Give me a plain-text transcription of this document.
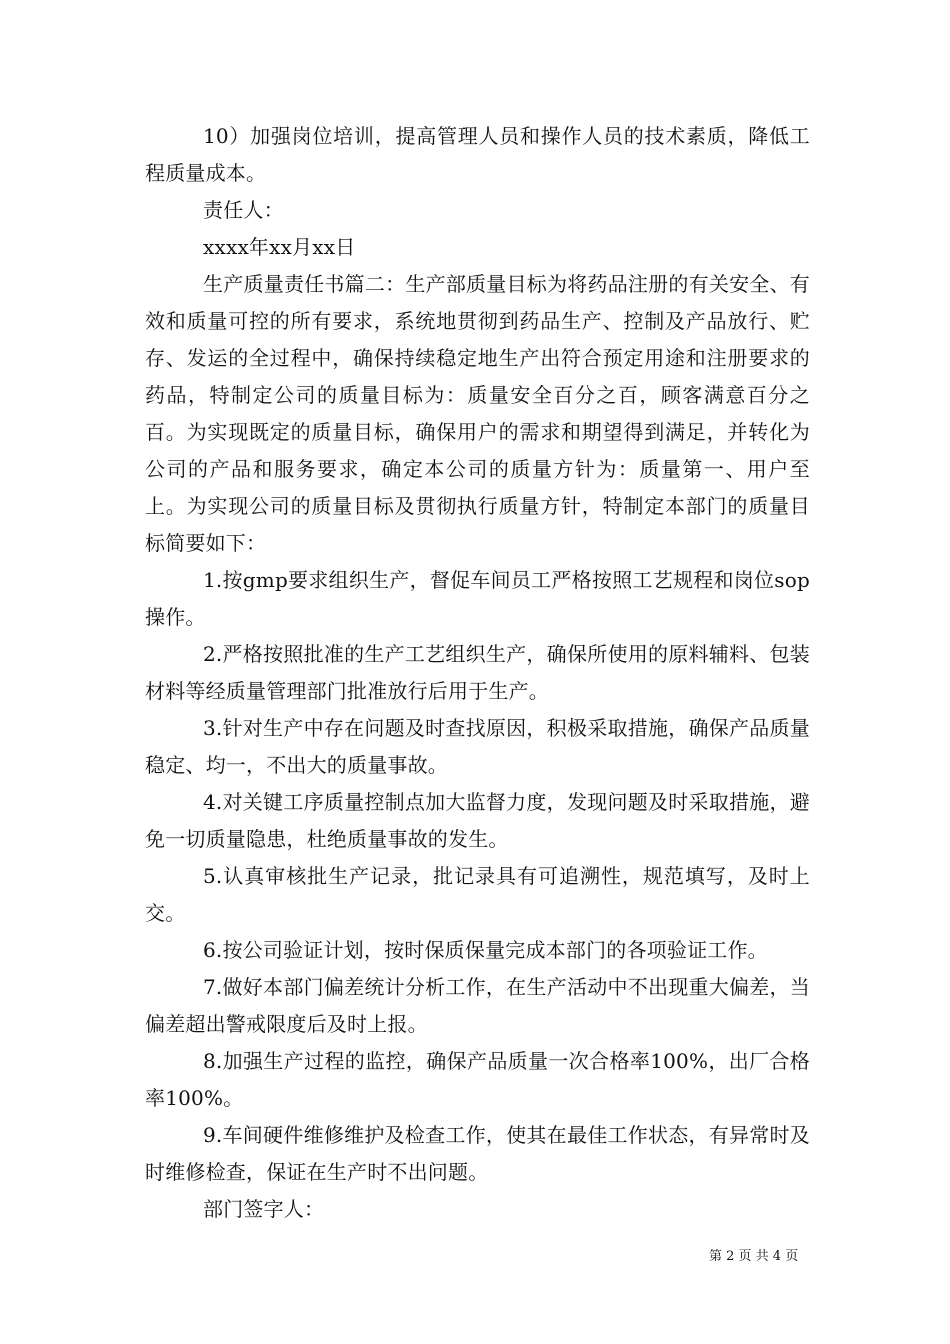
10）加强岗位培训，提高管理人员和操作人员的技术素质，降低工程质量成本。

责任人：

xxxx年xx月xx日

生产质量责任书篇二：生产部质量目标为将药品注册的有关安全、有效和质量可控的所有要求，系统地贯彻到药品生产、控制及产品放行、贮存、发运的全过程中，确保持续稳定地生产出符合预定用途和注册要求的药品，特制定公司的质量目标为：质量安全百分之百，顾客满意百分之百。为实现既定的质量目标，确保用户的需求和期望得到满足，并转化为公司的产品和服务要求，确定本公司的质量方针为：质量第一、用户至上。为实现公司的质量目标及贯彻执行质量方针，特制定本部门的质量目标简要如下：

1.按gmp要求组织生产，督促车间员工严格按照工艺规程和岗位sop操作。

2.严格按照批准的生产工艺组织生产，确保所使用的原料辅料、包装材料等经质量管理部门批准放行后用于生产。

3.针对生产中存在问题及时查找原因，积极采取措施，确保产品质量稳定、均一，不出大的质量事故。

4.对关键工序质量控制点加大监督力度，发现问题及时采取措施，避免一切质量隐患，杜绝质量事故的发生。

5.认真审核批生产记录，批记录具有可追溯性，规范填写，及时上交。

6.按公司验证计划，按时保质保量完成本部门的各项验证工作。

7.做好本部门偏差统计分析工作，在生产活动中不出现重大偏差，当偏差超出警戒限度后及时上报。

8.加强生产过程的监控，确保产品质量一次合格率100%，出厂合格率100%。

9.车间硬件维修维护及检查工作，使其在最佳工作状态，有异常时及时维修检查，保证在生产时不出问题。

部门签字人：

第 2 页 共 4 页
